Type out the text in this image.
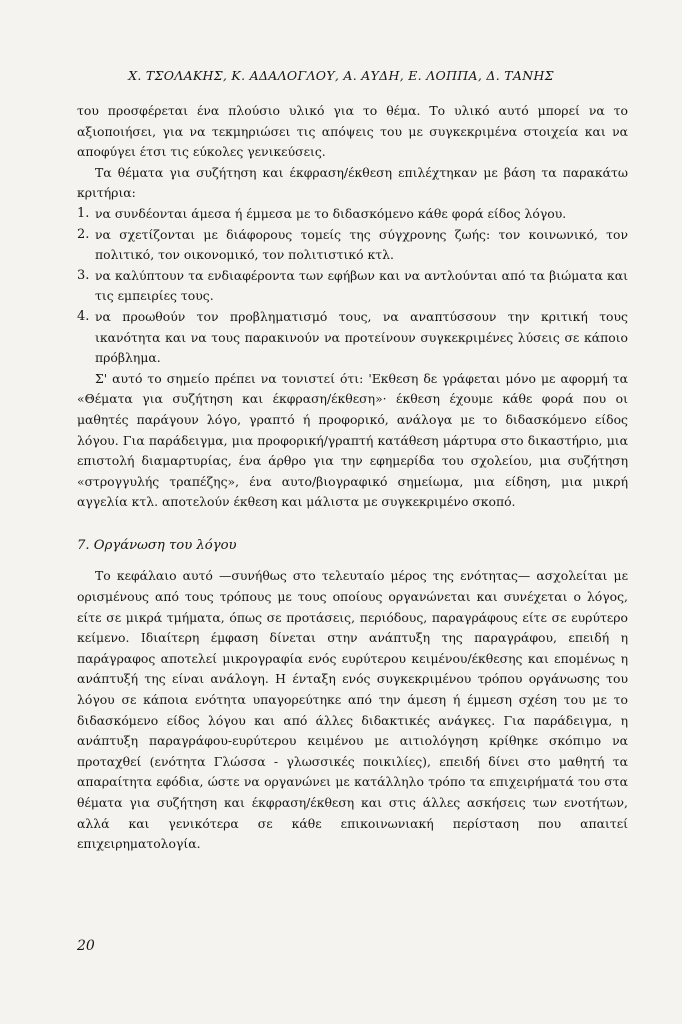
Χ. ΤΣΟΛΑΚΗΣ, Κ. ΑΔΑΛΟΓΛΟΥ, Α. ΑΥΔΗ, Ε. ΛΟΠΠΑ, Δ. ΤΑΝΗΣ

του προσφέρεται ένα πλούσιο υλικό για το θέμα. Το υλικό αυτό μπορεί να το αξιοποιήσει, για να τεκμηριώσει τις απόψεις του με συγκεκριμένα στοιχεία και να αποφύγει έτσι τις εύκολες γενικεύσεις.

Τα θέματα για συζήτηση και έκφραση/έκθεση επιλέχτηκαν με βάση τα παρακάτω κριτήρια:

1. να συνδέονται άμεσα ή έμμεσα με το διδασκόμενο κάθε φορά είδος λόγου.
2. να σχετίζονται με διάφορους τομείς της σύγχρονης ζωής: τον κοινωνικό, τον πολιτικό, τον οικονομικό, τον πολιτιστικό κτλ.
3. να καλύπτουν τα ενδιαφέροντα των εφήβων και να αντλούνται από τα βιώματα και τις εμπειρίες τους.
4. να προωθούν τον προβληματισμό τους, να αναπτύσσουν την κριτική τους ικανότητα και να τους παρακινούν να προτείνουν συγκεκριμένες λύσεις σε κάποιο πρόβλημα.

Σ' αυτό το σημείο πρέπει να τονιστεί ότι: 'Εκθεση δε γράφεται μόνο με αφορμή τα «Θέματα για συζήτηση και έκφραση/έκθεση»· έκθεση έχουμε κάθε φορά που οι μαθητές παράγουν λόγο, γραπτό ή προφορικό, ανάλογα με το διδασκόμενο είδος λόγου. Για παράδειγμα, μια προφορική/γραπτή κατάθεση μάρτυρα στο δικαστήριο, μια επιστολή διαμαρτυρίας, ένα άρθρο για την εφημερίδα του σχολείου, μια συζήτηση «στρογγυλής τραπέζης», ένα αυτο/βιογραφικό σημείωμα, μια είδηση, μια μικρή αγγελία κτλ. αποτελούν έκθεση και μάλιστα με συγκεκριμένο σκοπό.

7. Οργάνωση του λόγου

Το κεφάλαιο αυτό —συνήθως στο τελευταίο μέρος της ενότητας— ασχολείται με ορισμένους από τους τρόπους με τους οποίους οργανώνεται και συνέχεται ο λόγος, είτε σε μικρά τμήματα, όπως σε προτάσεις, περιόδους, παραγράφους είτε σε ευρύτερο κείμενο. Ιδιαίτερη έμφαση δίνεται στην ανάπτυξη της παραγράφου, επειδή η παράγραφος αποτελεί μικρογραφία ενός ευρύτερου κειμένου/έκθεσης και επομένως η ανάπτυξή της είναι ανάλογη. Η ένταξη ενός συγκεκριμένου τρόπου οργάνωσης του λόγου σε κάποια ενότητα υπαγορεύτηκε από την άμεση ή έμμεση σχέση του με το διδασκόμενο είδος λόγου και από άλλες διδακτικές ανάγκες. Για παράδειγμα, η ανάπτυξη παραγράφου-ευρύτερου κειμένου με αιτιολόγηση κρίθηκε σκόπιμο να προταχθεί (ενότητα Γλώσσα - γλωσσικές ποικιλίες), επειδή δίνει στο μαθητή τα απαραίτητα εφόδια, ώστε να οργανώνει με κατάλληλο τρόπο τα επιχειρήματά του στα θέματα για συζήτηση και έκφραση/έκθεση και στις άλλες ασκήσεις των ενοτήτων, αλλά και γενικότερα σε κάθε επικοινωνιακή περίσταση που απαιτεί επιχειρηματολογία.

20
